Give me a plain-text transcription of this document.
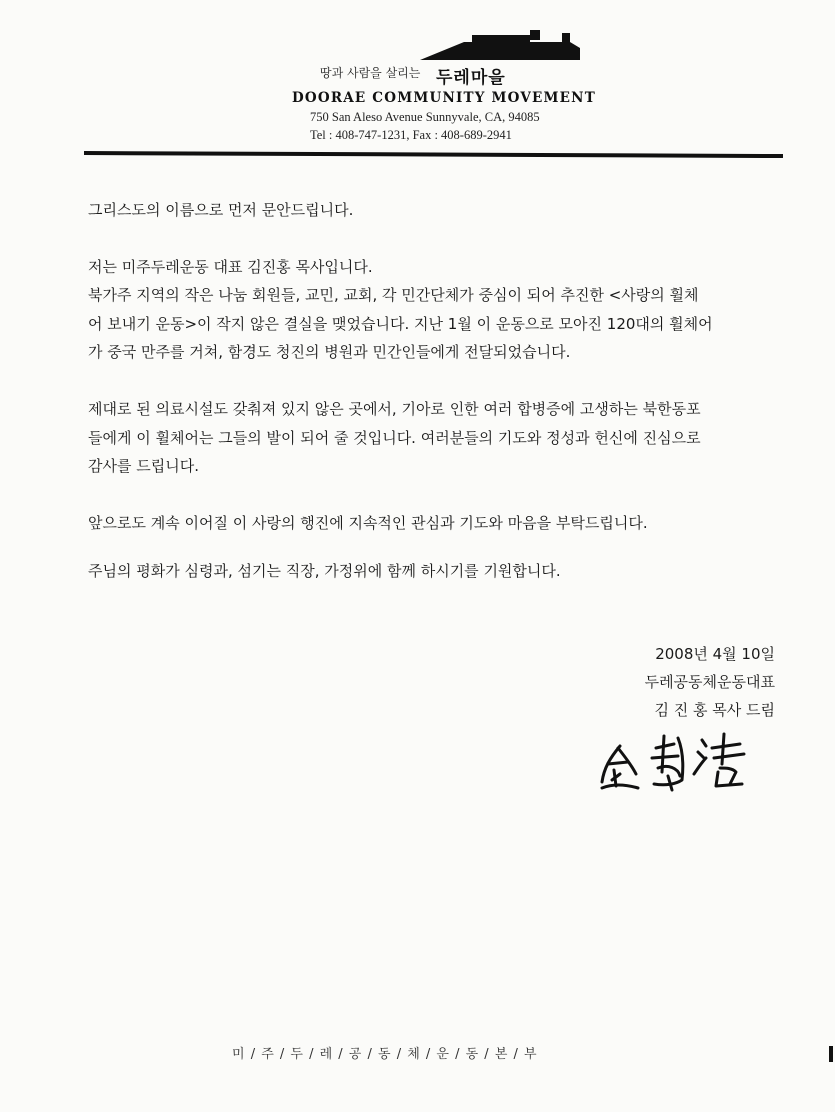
땅과 사람을 살리는 두레마을
DOORAE COMMUNITY MOVEMENT
750 San Aleso Avenue Sunnyvale, CA, 94085
Tel : 408-747-1231, Fax : 408-689-2941

그리스도의 이름으로 먼저 문안드립니다.

저는 미주두레운동 대표 김진홍 목사입니다.

북가주 지역의 작은 나눔 회원들, 교민, 교회, 각 민간단체가 중심이 되어 추진한 <사랑의 휠체

어 보내기 운동>이 작지 않은 결실을 맺었습니다. 지난 1월 이 운동으로 모아진 120대의 휠체어

가 중국 만주를 거쳐, 함경도 청진의 병원과 민간인들에게 전달되었습니다.

제대로 된 의료시설도 갖춰져 있지 않은 곳에서, 기아로 인한 여러 합병증에 고생하는 북한동포

들에게 이 휠체어는 그들의 발이 되어 줄 것입니다. 여러분들의 기도와 정성과 헌신에 진심으로

감사를 드립니다.

앞으로도 계속 이어질 이 사랑의 행진에 지속적인 관심과 기도와 마음을 부탁드립니다.

주님의 평화가 심령과, 섬기는 직장, 가정위에 함께 하시기를 기원합니다.

2008년 4월 10일
두레공동체운동대표
김 진 홍 목사 드림
미 / 주 / 두 / 레 / 공 / 동 / 체 / 운 / 동 / 본 / 부
